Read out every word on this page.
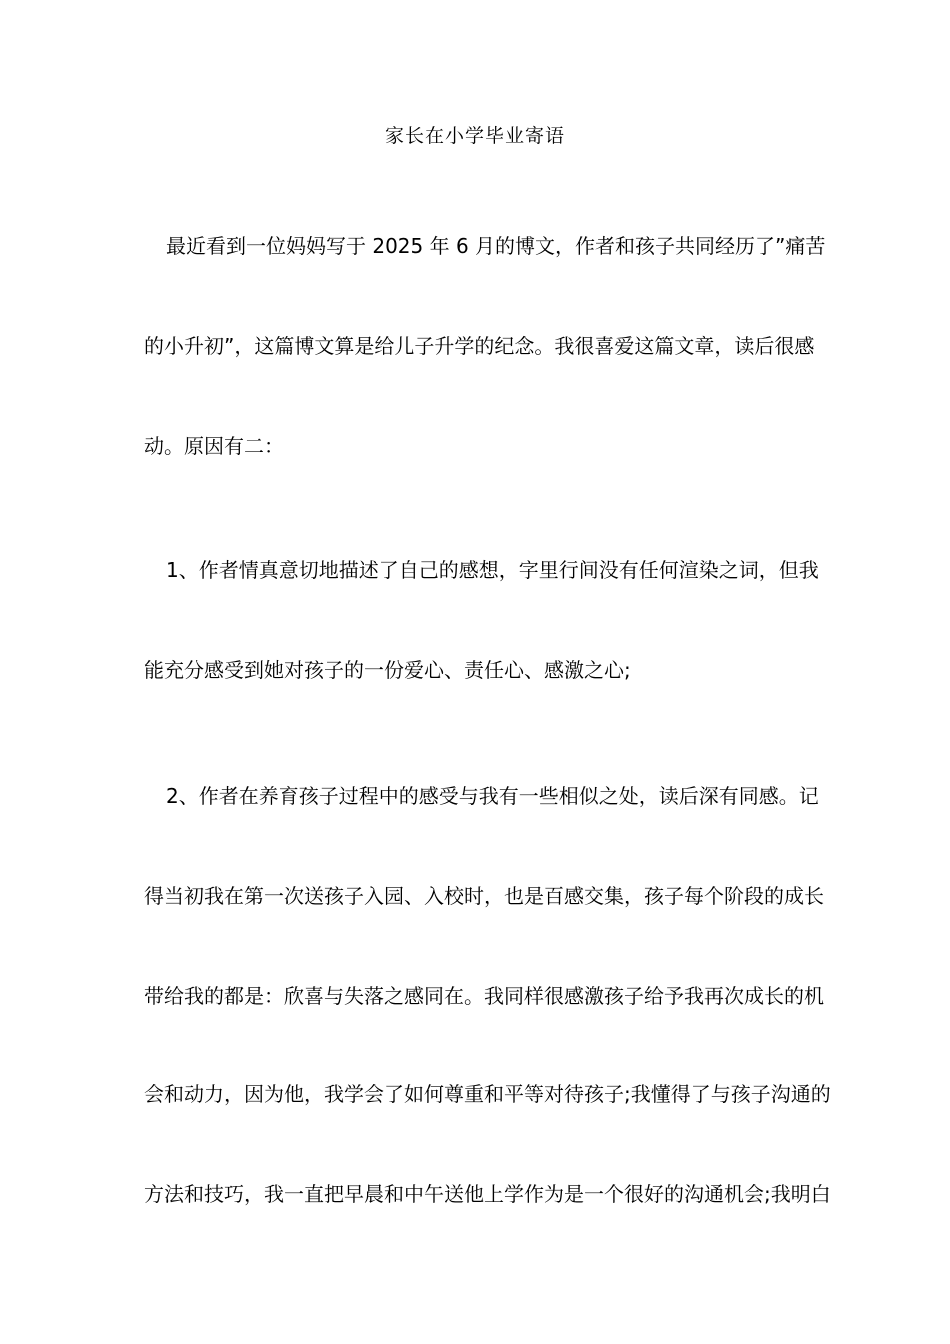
家长在小学毕业寄语
最近看到一位妈妈写于 2025 年 6 月的博文，作者和孩子共同经历了”痛苦
的小升初”，这篇博文算是给儿子升学的纪念。我很喜爱这篇文章，读后很感
动。原因有二：
1、作者情真意切地描述了自己的感想，字里行间没有任何渲染之词，但我
能充分感受到她对孩子的一份爱心、责任心、感激之心;
2、作者在养育孩子过程中的感受与我有一些相似之处，读后深有同感。记
得当初我在第一次送孩子入园、入校时，也是百感交集，孩子每个阶段的成长
带给我的都是：欣喜与失落之感同在。我同样很感激孩子给予我再次成长的机
会和动力，因为他，我学会了如何尊重和平等对待孩子;我懂得了与孩子沟通的
方法和技巧，我一直把早晨和中午送他上学作为是一个很好的沟通机会;我明白
